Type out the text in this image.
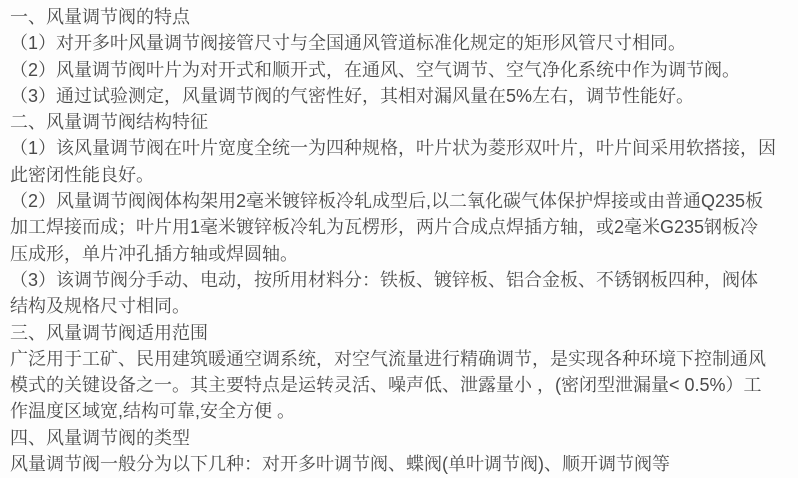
一、风量调节阀的特点
（1）对开多叶风量调节阀接管尺寸与全国通风管道标准化规定的矩形风管尺寸相同。
（2）风量调节阀叶片为对开式和顺开式，在通风、空气调节、空气净化系统中作为调节阀。
（3）通过试验测定，风量调节阀的气密性好，其相对漏风量在5%左右，调节性能好。
二、风量调节阀结构特征
（1）该风量调节阀在叶片宽度全统一为四种规格，叶片状为菱形双叶片，叶片间采用软搭接，因
此密闭性能良好。
（2）风量调节阀阀体构架用2毫米镀锌板冷轧成型后,以二氧化碳气体保护焊接或由普通Q235板
加工焊接而成；叶片用1毫米镀锌板冷轧为瓦楞形，两片合成点焊插方轴，或2毫米G235钢板冷
压成形，单片冲孔插方轴或焊圆轴。
（3）该调节阀分手动、电动，按所用材料分：铁板、镀锌板、铝合金板、不锈钢板四种，阀体
结构及规格尺寸相同。
三、风量调节阀适用范围
广泛用于工矿、民用建筑暖通空调系统，对空气流量进行精确调节，是实现各种环境下控制通风
模式的关键设备之一。其主要特点是运转灵活、噪声低、泄露量小 ，(密闭型泄漏量< 0.5%）工
作温度区域宽,结构可靠,安全方便 。
四、风量调节阀的类型
风量调节阀一般分为以下几种：对开多叶调节阀、蝶阀(单叶调节阀)、顺开调节阀等
